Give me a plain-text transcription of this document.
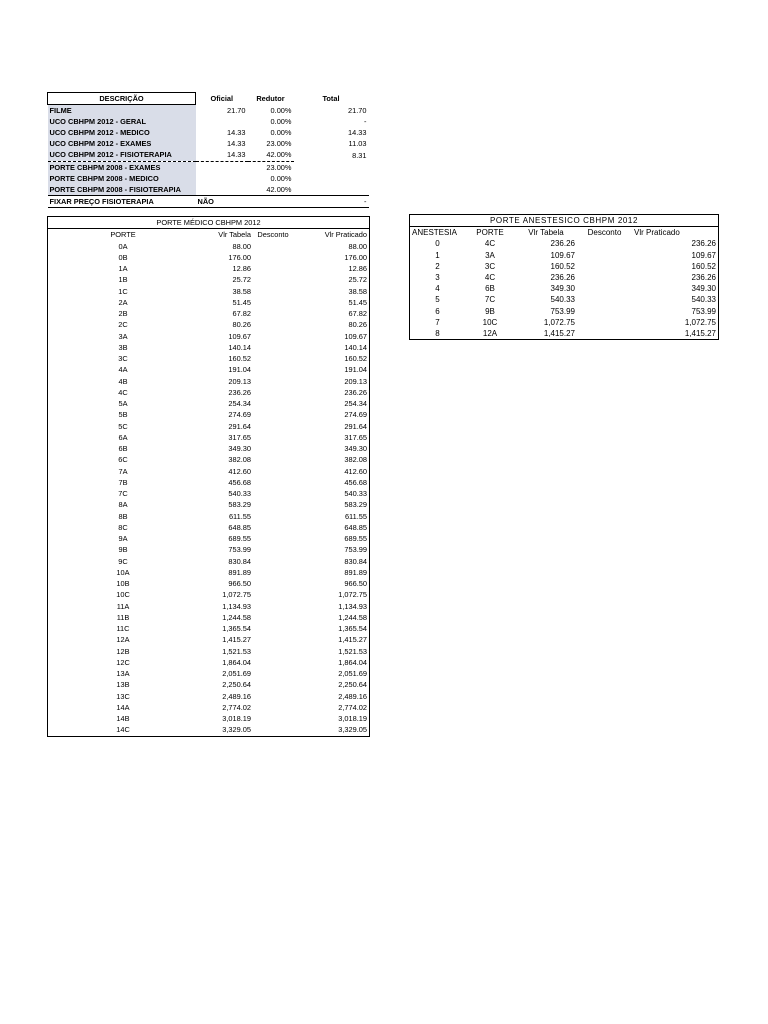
DESCRIÇÃO	Oficial	Redutor	Total
FILME	21.70	0.00%	21.70
UCO CBHPM 2012 - GERAL		0.00%	-
UCO CBHPM 2012 - MEDICO	14.33	0.00%	14.33
UCO CBHPM 2012 - EXAMES	14.33	23.00%	11.03
UCO CBHPM 2012 - FISIOTERAPIA	14.33	42.00%	8.31
PORTE CBHPM 2008 - EXAMES		23.00%	
PORTE CBHPM 2008 - MEDICO		0.00%	
PORTE CBHPM 2008 - FISIOTERAPIA		42.00%	
FIXAR PREÇO FISIOTERAPIA	NÃO		-
PORTE MÉDICO CBHPM 2012			
PORTE	Vlr Tabela	Desconto	Vlr Praticado
0A	88.00		88.00
0B	176.00		176.00
1A	12.86		12.86
1B	25.72		25.72
1C	38.58		38.58
2A	51.45		51.45
2B	67.82		67.82
2C	80.26		80.26
3A	109.67		109.67
3B	140.14		140.14
3C	160.52		160.52
4A	191.04		191.04
4B	209.13		209.13
4C	236.26		236.26
5A	254.34		254.34
5B	274.69		274.69
5C	291.64		291.64
6A	317.65		317.65
6B	349.30		349.30
6C	382.08		382.08
7A	412.60		412.60
7B	456.68		456.68
7C	540.33		540.33
8A	583.29		583.29
8B	611.55		611.55
8C	648.85		648.85
9A	689.55		689.55
9B	753.99		753.99
9C	830.84		830.84
10A	891.89		891.89
10B	966.50		966.50
10C	1,072.75		1,072.75
11A	1,134.93		1,134.93
11B	1,244.58		1,244.58
11C	1,365.54		1,365.54
12A	1,415.27		1,415.27
12B	1,521.53		1,521.53
12C	1,864.04		1,864.04
13A	2,051.69		2,051.69
13B	2,250.64		2,250.64
13C	2,489.16		2,489.16
14A	2,774.02		2,774.02
14B	3,018.19		3,018.19
14C	3,329.05		3,329.05
PORTE ANESTESICO CBHPM 2012				
ANESTESIA	PORTE	Vlr Tabela	Desconto	Vlr Praticado
0	4C	236.26		236.26
1	3A	109.67		109.67
2	3C	160.52		160.52
3	4C	236.26		236.26
4	6B	349.30		349.30
5	7C	540.33		540.33
6	9B	753.99		753.99
7	10C	1,072.75		1,072.75
8	12A	1,415.27		1,415.27
